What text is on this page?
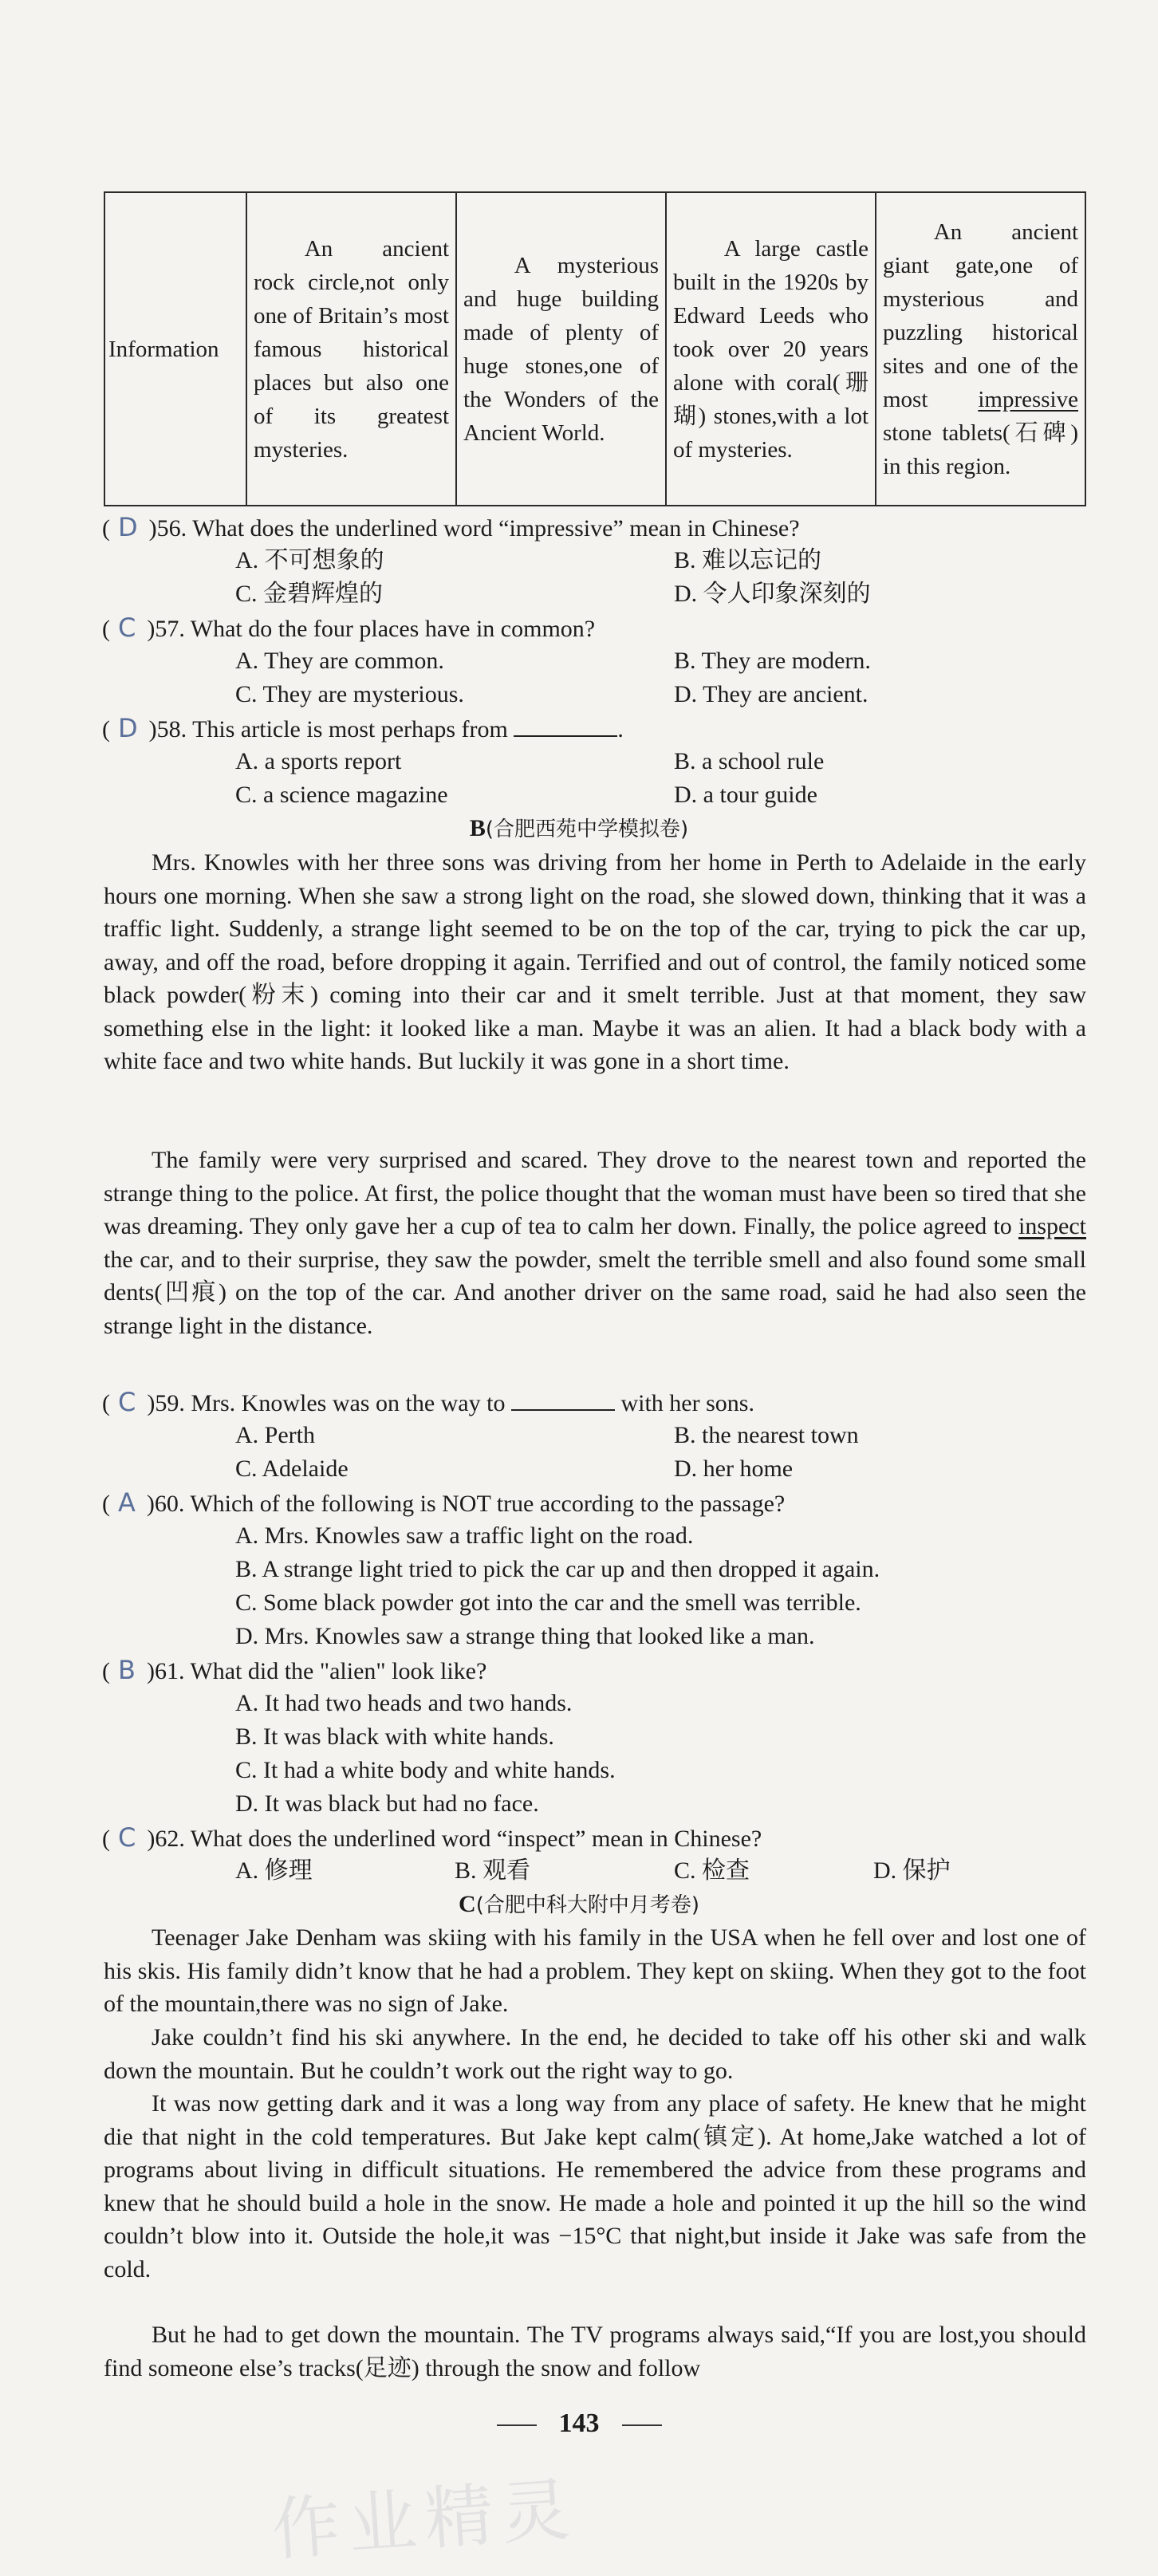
Information	An ancient rock circle,not only one of Britain’s most famous historical places but also one of its greatest mysteries.	A mysterious and huge building made of plenty of huge stones,one of the Wonders of the Ancient World.	A large castle built in the 1920s by Edward Leeds who took over 20 years alone with coral(珊瑚) stones,with a lot of mysteries.	An ancient giant gate,one of mysterious and puzzling historical sites and one of the most impressive stone tablets(石碑) in this region.
( D )56. What does the underlined word “impressive” mean in Chinese?
A. 不可想象的	B. 难以忘记的
C. 金碧辉煌的	D. 令人印象深刻的
( C )57. What do the four places have in common?
A. They are common.	B. They are modern.
C. They are mysterious.	D. They are ancient.
( D )58. This article is most perhaps from	.
A. a sports report	B. a school rule
C. a science magazine	D. a tour guide
B(合肥西苑中学模拟卷)
Mrs. Knowles with her three sons was driving from her home in Perth to Adelaide in the early hours one morning. When she saw a strong light on the road, she slowed down, thinking that it was a traffic light. Suddenly, a strange light seemed to be on the top of the car, trying to pick the car up, away, and off the road, before dropping it again. Terrified and out of control, the family noticed some black powder(粉末) coming into their car and it smelt terrible. Just at that moment, they saw something else in the light: it looked like a man. Maybe it was an alien. It had a black body with a white face and two white hands. But luckily it was gone in a short time.
The family were very surprised and scared. They drove to the nearest town and reported the strange thing to the police. At first, the police thought that the woman must have been so tired that she was dreaming. They only gave her a cup of tea to calm her down. Finally, the police agreed to inspect the car, and to their surprise, they saw the powder, smelt the terrible smell and also found some small dents(凹痕) on the top of the car. And another driver on the same road, said he had also seen the strange light in the distance.
( C )59. Mrs. Knowles was on the way to	with her sons.
A. Perth	B. the nearest town
C. Adelaide	D. her home
( A )60. Which of the following is NOT true according to the passage?
A. Mrs. Knowles saw a traffic light on the road.
B. A strange light tried to pick the car up and then dropped it again.
C. Some black powder got into the car and the smell was terrible.
D. Mrs. Knowles saw a strange thing that looked like a man.
( B )61. What did the "alien" look like?
A. It had two heads and two hands.
B. It was black with white hands.
C. It had a white body and white hands.
D. It was black but had no face.
( C )62. What does the underlined word “inspect” mean in Chinese?
A. 修理	B. 观看	C. 检查	D. 保护
C(合肥中科大附中月考卷)
Teenager Jake Denham was skiing with his family in the USA when he fell over and lost one of his skis. His family didn’t know that he had a problem. They kept on skiing. When they got to the foot of the mountain,there was no sign of Jake.
Jake couldn’t find his ski anywhere. In the end, he decided to take off his other ski and walk down the mountain. But he couldn’t work out the right way to go.
It was now getting dark and it was a long way from any place of safety. He knew that he might die that night in the cold temperatures. But Jake kept calm(镇定). At home,Jake watched a lot of programs about living in difficult situations. He remembered the advice from these programs and knew that he should build a hole in the snow. He made a hole and pointed it up the hill so the wind couldn’t blow into it. Outside the hole,it was −15°C that night,but inside it Jake was safe from the cold.
But he had to get down the mountain. The TV programs always said,“If you are lost,you should find someone else’s tracks(足迹) through the snow and follow
143
作业精灵
